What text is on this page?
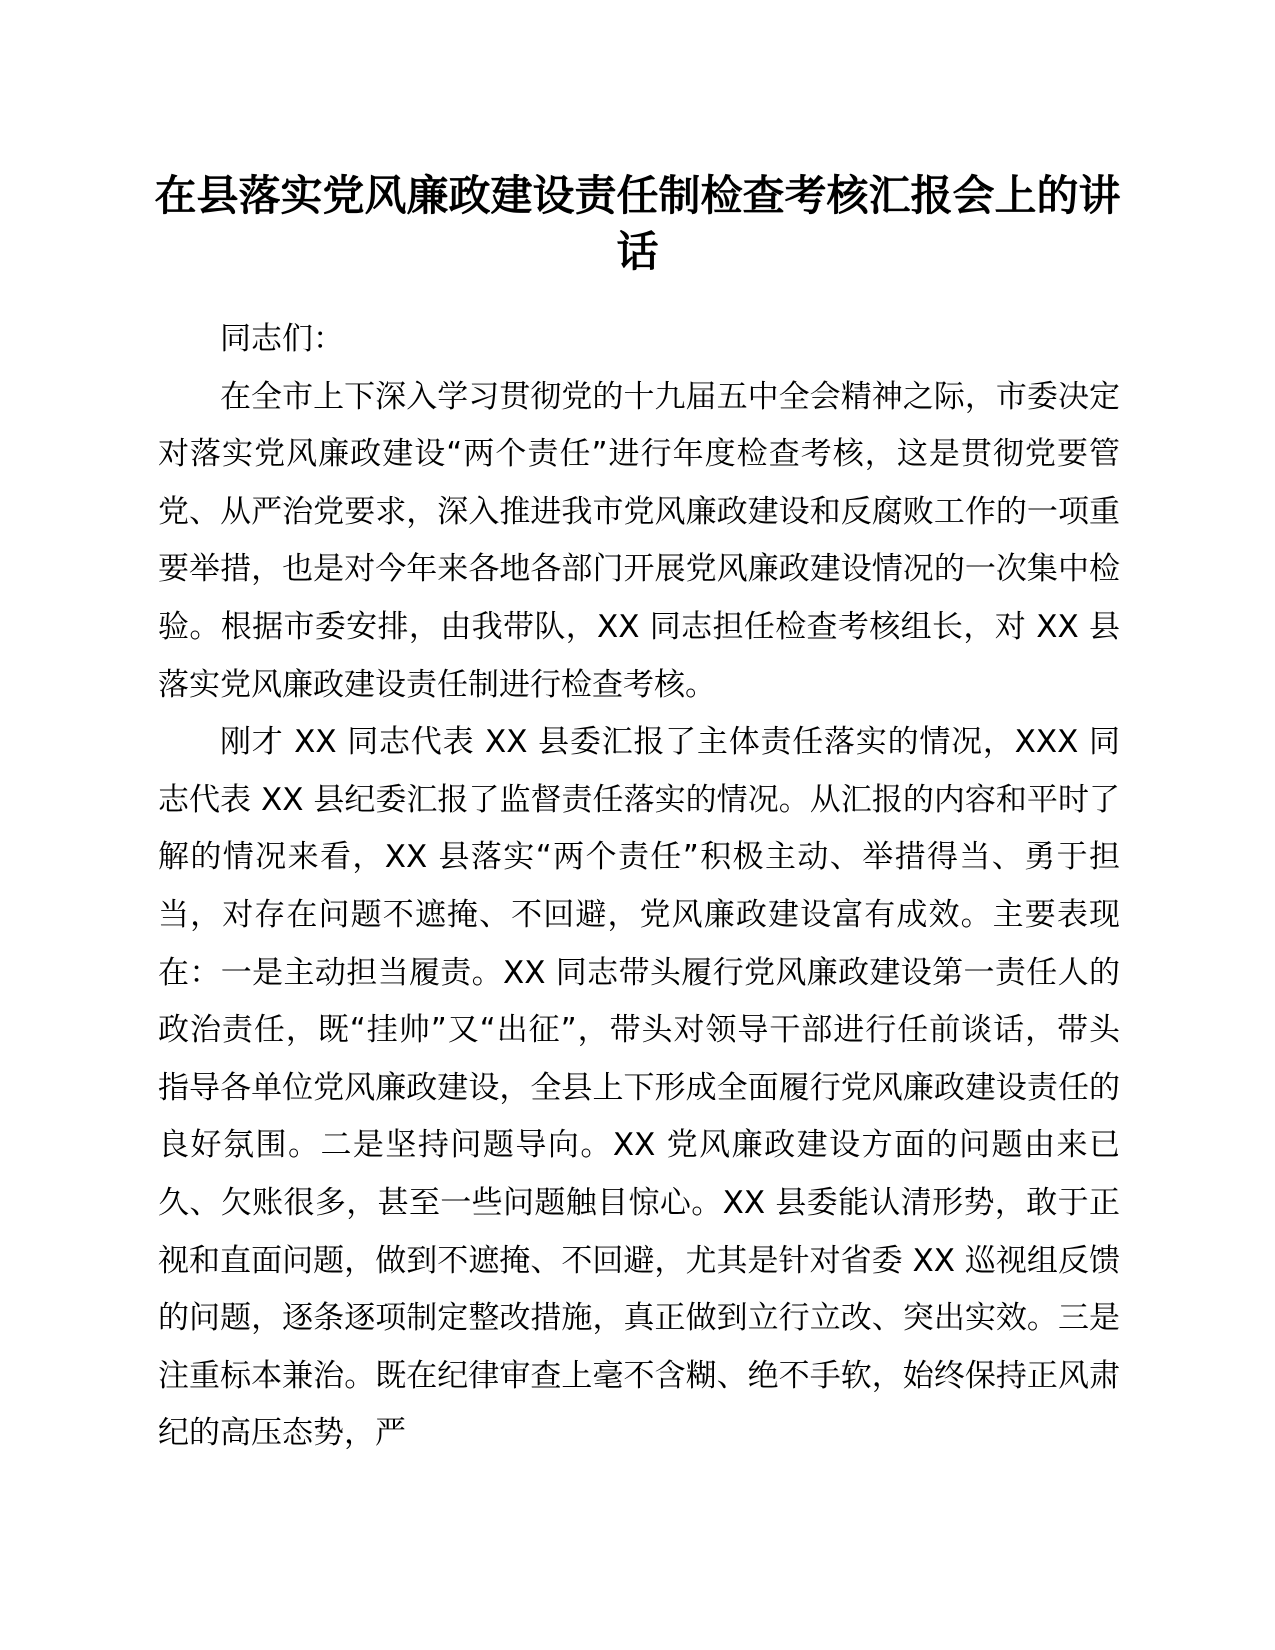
在县落实党风廉政建设责任制检查考核汇报会上的讲话

同志们：

在全市上下深入学习贯彻党的十九届五中全会精神之际，市委决定对落实党风廉政建设“两个责任”进行年度检查考核，这是贯彻党要管党、从严治党要求，深入推进我市党风廉政建设和反腐败工作的一项重要举措，也是对今年来各地各部门开展党风廉政建设情况的一次集中检验。根据市委安排，由我带队，XX 同志担任检查考核组长，对 XX 县落实党风廉政建设责任制进行检查考核。

刚才 XX 同志代表 XX 县委汇报了主体责任落实的情况，XXX 同志代表 XX 县纪委汇报了监督责任落实的情况。从汇报的内容和平时了解的情况来看，XX 县落实“两个责任”积极主动、举措得当、勇于担当，对存在问题不遮掩、不回避，党风廉政建设富有成效。主要表现在：一是主动担当履责。XX 同志带头履行党风廉政建设第一责任人的政治责任，既“挂帅”又“出征”，带头对领导干部进行任前谈话，带头指导各单位党风廉政建设，全县上下形成全面履行党风廉政建设责任的良好氛围。二是坚持问题导向。XX 党风廉政建设方面的问题由来已久、欠账很多，甚至一些问题触目惊心。XX 县委能认清形势，敢于正视和直面问题，做到不遮掩、不回避，尤其是针对省委 XX 巡视组反馈的问题，逐条逐项制定整改措施，真正做到立行立改、突出实效。三是注重标本兼治。既在纪律审查上毫不含糊、绝不手软，始终保持正风肃纪的高压态势，严
